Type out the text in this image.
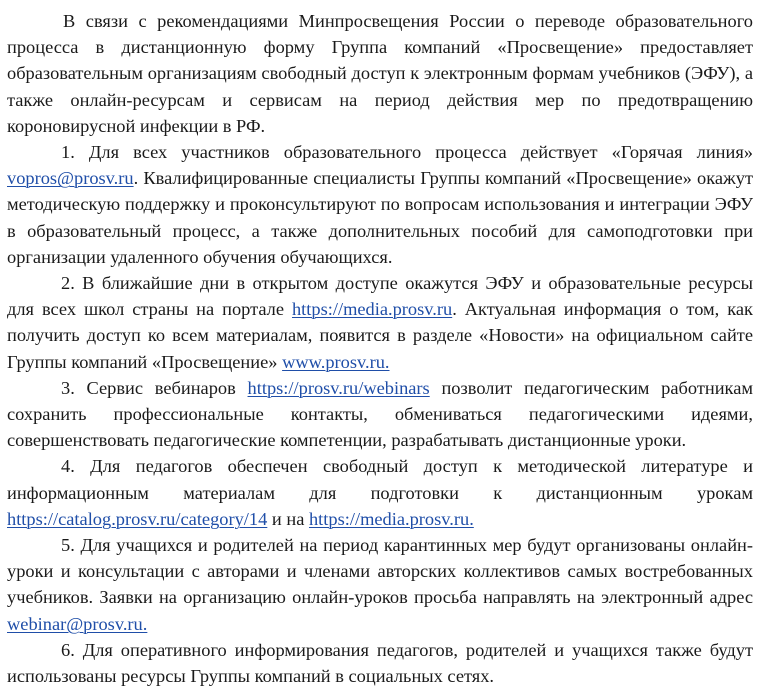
В связи с рекомендациями Минпросвещения России о переводе образовательного процесса в дистанционную форму Группа компаний «Просвещение» предоставляет образовательным организациям свободный доступ к электронным формам учебников (ЭФУ), а также онлайн-ресурсам и сервисам на период действия мер по предотвращению короновирусной инфекции в РФ.

1. Для всех участников образовательного процесса действует «Горячая линия» vopros@prosv.ru. Квалифицированные специалисты Группы компаний «Просвещение» окажут методическую поддержку и проконсультируют по вопросам использования и интеграции ЭФУ в образовательный процесс, а также дополнительных пособий для самоподготовки при организации удаленного обучения обучающихся.

2. В ближайшие дни в открытом доступе окажутся ЭФУ и образовательные ресурсы для всех школ страны на портале https://media.prosv.ru. Актуальная информация о том, как получить доступ ко всем материалам, появится в разделе «Новости» на официальном сайте Группы компаний «Просвещение» www.prosv.ru.

3. Сервис вебинаров https://prosv.ru/webinars позволит педагогическим работникам сохранить профессиональные контакты, обмениваться педагогическими идеями, совершенствовать педагогические компетенции, разрабатывать дистанционные уроки.

4. Для педагогов обеспечен свободный доступ к методической литературе и информационным материалам для подготовки к дистанционным урокам https://catalog.prosv.ru/category/14 и на https://media.prosv.ru.

5. Для учащихся и родителей на период карантинных мер будут организованы онлайн-уроки и консультации с авторами и членами авторских коллективов самых востребованных учебников. Заявки на организацию онлайн-уроков просьба направлять на электронный адрес webinar@prosv.ru.

6. Для оперативного информирования педагогов, родителей и учащихся также будут использованы ресурсы Группы компаний в социальных сетях.
